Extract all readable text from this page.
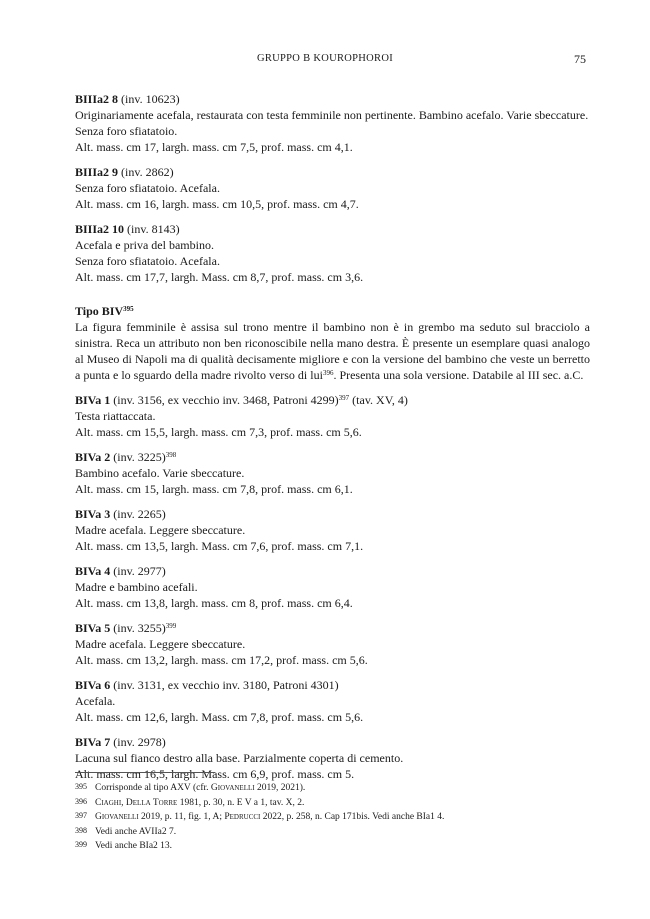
GRUPPO B KOUROPHOROI	75

BIIIa2 8 (inv. 10623)

Originariamente acefala, restaurata con testa femminile non pertinente. Bambino acefalo. Varie sbeccature.

Senza foro sfiatatoio.

Alt. mass. cm 17, largh. mass. cm 7,5, prof. mass. cm 4,1.

BIIIa2 9 (inv. 2862)

Senza foro sfiatatoio. Acefala.

Alt. mass. cm 16, largh. mass. cm 10,5, prof. mass. cm 4,7.

BIIIa2 10 (inv. 8143)

Acefala e priva del bambino.

Senza foro sfiatatoio. Acefala.

Alt. mass. cm 17,7, largh. Mass. cm 8,7, prof. mass. cm 3,6.

Tipo BIV$^{395}$

La figura femminile è assisa sul trono mentre il bambino non è in grembo ma seduto sul bracciolo a sinistra. Reca un attributo non ben riconoscibile nella mano destra. È presente un esemplare quasi analogo al Museo di Napoli ma di qualità decisamente migliore e con la versione del bambino che veste un berretto a punta e lo sguardo della madre rivolto verso di lui$^{396}$. Presenta una sola versione. Databile al III sec. a.C.

BIVa 1 (inv. 3156, ex vecchio inv. 3468, Patroni 4299)$^{397}$ (tav. XV, 4)

Testa riattaccata.

Alt. mass. cm 15,5, largh. mass. cm 7,3, prof. mass. cm 5,6.

BIVa 2 (inv. 3225)$^{398}$

Bambino acefalo. Varie sbeccature.

Alt. mass. cm 15, largh. mass. cm 7,8, prof. mass. cm 6,1.

BIVa 3 (inv. 2265)

Madre acefala. Leggere sbeccature.

Alt. mass. cm 13,5, largh. Mass. cm 7,6, prof. mass. cm 7,1.

BIVa 4 (inv. 2977)

Madre e bambino acefali.

Alt. mass. cm 13,8, largh. mass. cm 8, prof. mass. cm 6,4.

BIVa 5 (inv. 3255)$^{399}$

Madre acefala. Leggere sbeccature.

Alt. mass. cm 13,2, largh. mass. cm 17,2, prof. mass. cm 5,6.

BIVa 6 (inv. 3131, ex vecchio inv. 3180, Patroni 4301)

Acefala.

Alt. mass. cm 12,6, largh. Mass. cm 7,8, prof. mass. cm 5,6.

BIVa 7 (inv. 2978)

Lacuna sul fianco destro alla base. Parzialmente coperta di cemento.

Alt. mass. cm 16,5, largh. Mass. cm 6,9, prof. mass. cm 5.

395 Corrisponde al tipo AXV (cfr. Giovanelli 2019, 2021).

396 Ciaghi, Della Torre 1981, p. 30, n. E V a 1, tav. X, 2.

397 Giovanelli 2019, p. 11, fig. 1, A; Pedrucci 2022, p. 258, n. Cap 171bis. Vedi anche BIa1 4.

398 Vedi anche AVIIa2 7.

399 Vedi anche BIa2 13.
